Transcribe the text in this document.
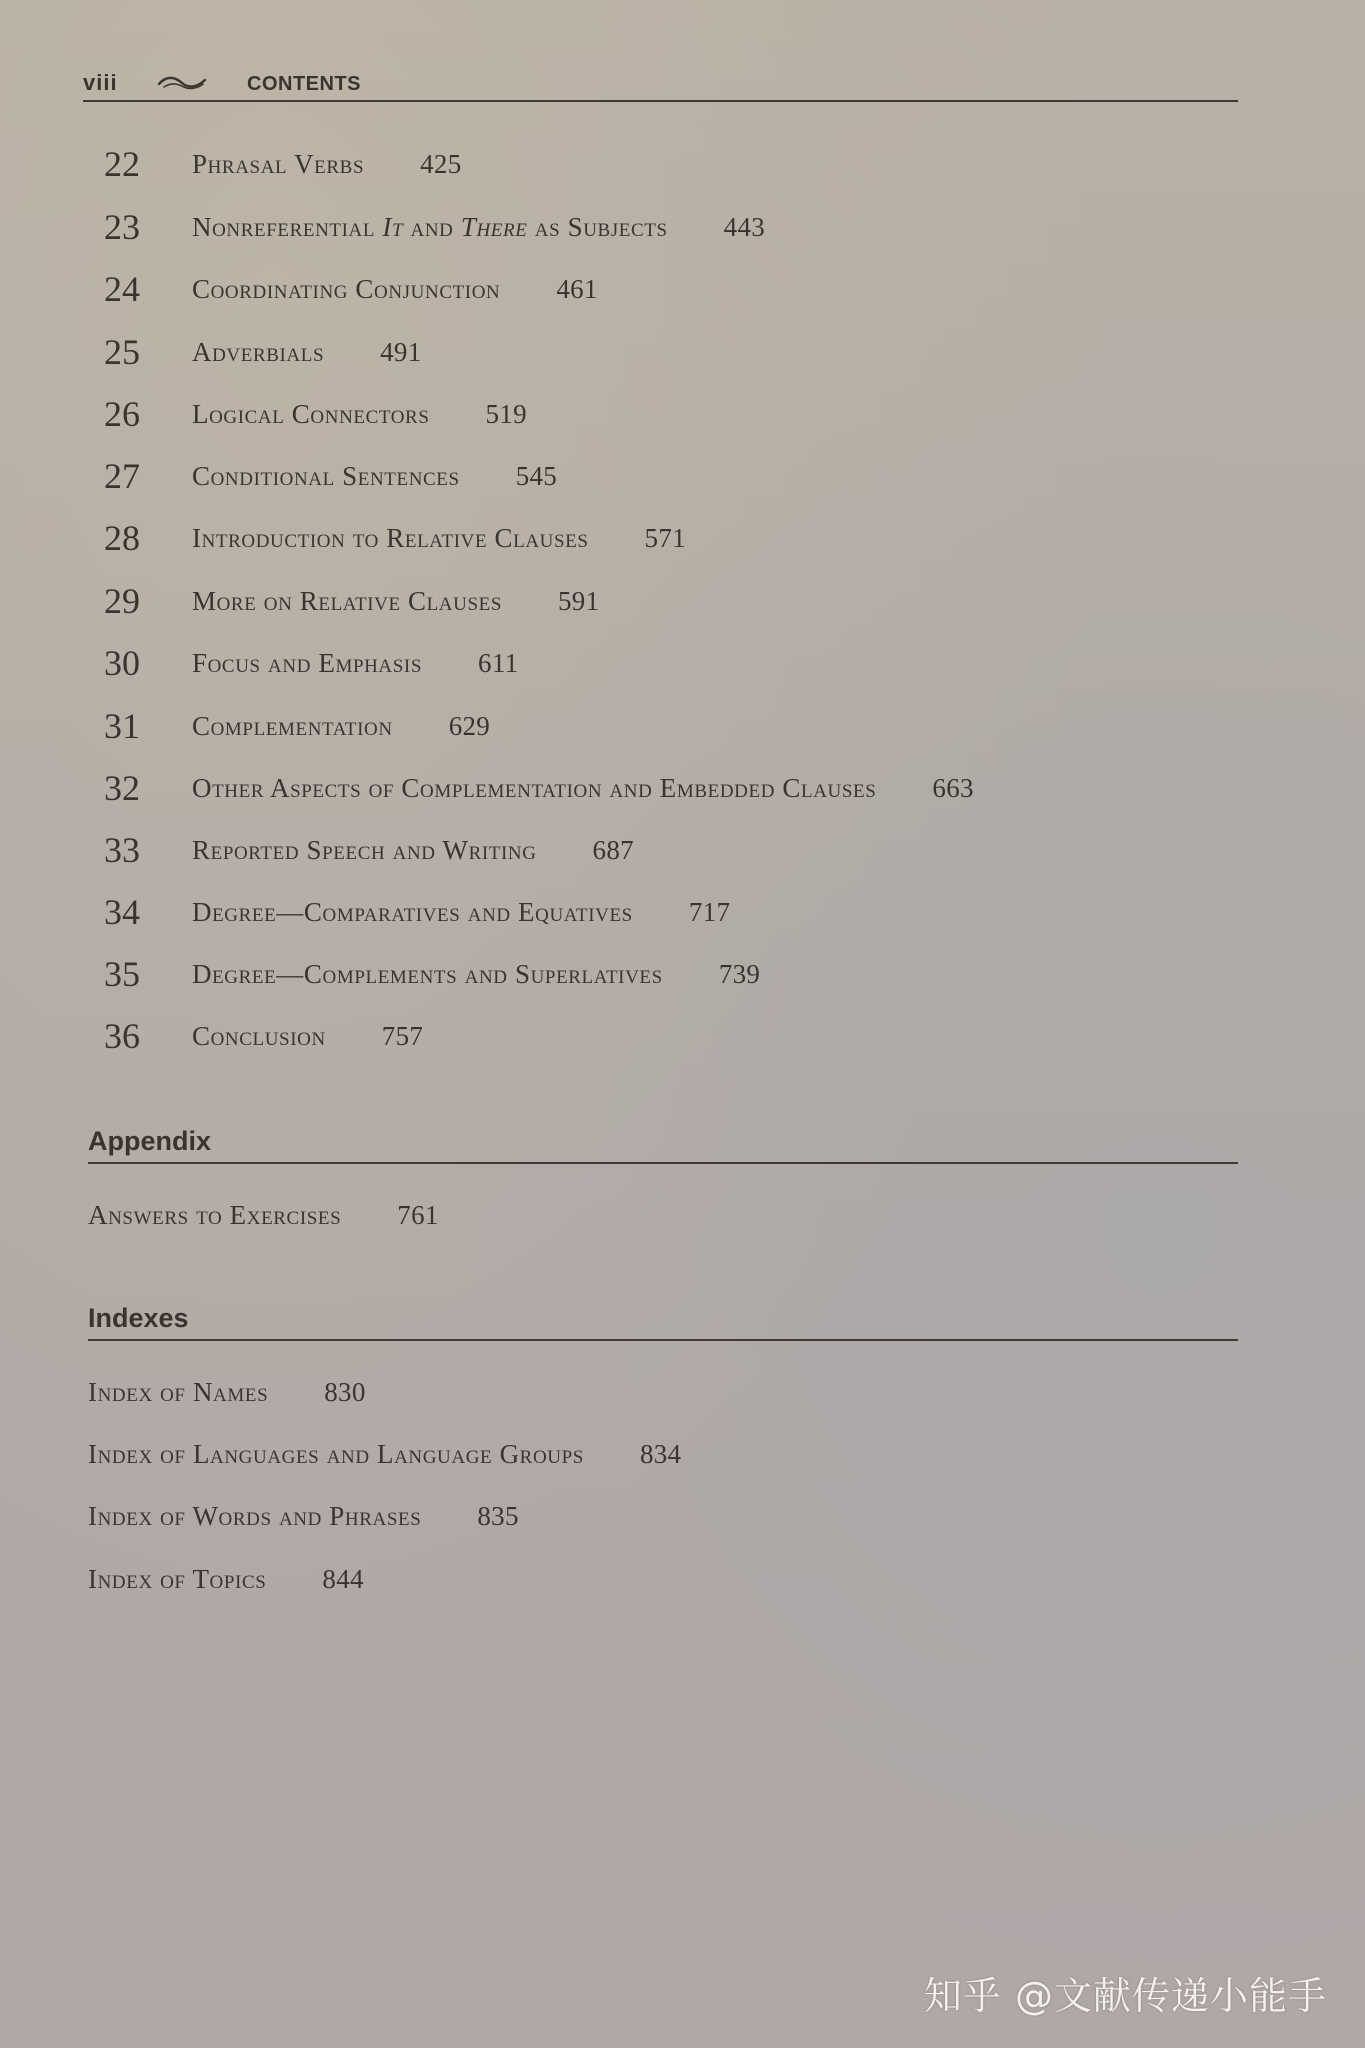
viii	CONTENTS
22 Phrasal Verbs 425
23 Nonreferential It and There as Subjects 443
24 Coordinating Conjunction 461
25 Adverbials 491
26 Logical Connectors 519
27 Conditional Sentences 545
28 Introduction to Relative Clauses 571
29 More on Relative Clauses 591
30 Focus and Emphasis 611
31 Complementation 629
32 Other Aspects of Complementation and Embedded Clauses 663
33 Reported Speech and Writing 687
34 Degree—Comparatives and Equatives 717
35 Degree—Complements and Superlatives 739
36 Conclusion 757
Appendix
Answers to Exercises 761
Indexes
Index of Names 830
Index of Languages and Language Groups 834
Index of Words and Phrases 835
Index of Topics 844
知乎 @文献传递小能手
